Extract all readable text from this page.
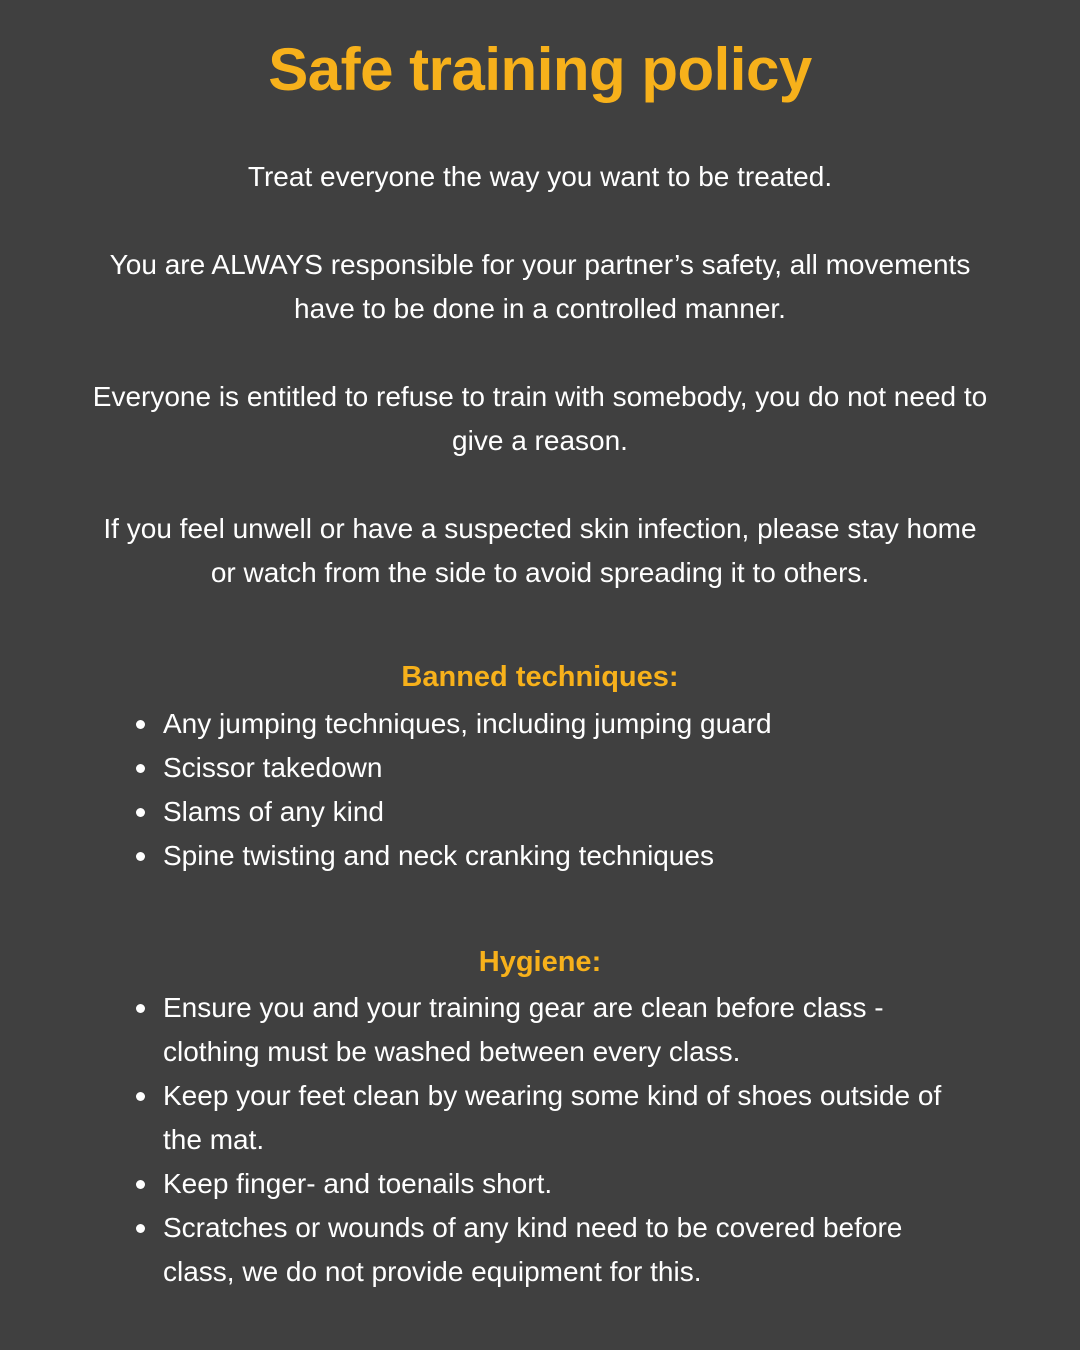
Safe training policy

Treat everyone the way you want to be treated.

You are ALWAYS responsible for your partner’s safety, all movements have to be done in a controlled manner.

Everyone is entitled to refuse to train with somebody, you do not need to give a reason.

If you feel unwell or have a suspected skin infection, please stay home or watch from the side to avoid spreading it to others.

Banned techniques:
Any jumping techniques, including jumping guard
Scissor takedown
Slams of any kind
Spine twisting and neck cranking techniques
Hygiene:
Ensure you and your training gear are clean before class - clothing must be washed between every class.
Keep your feet clean by wearing some kind of shoes outside of the mat.
Keep finger- and toenails short.
Scratches or wounds of any kind need to be covered before class, we do not provide equipment for this.
